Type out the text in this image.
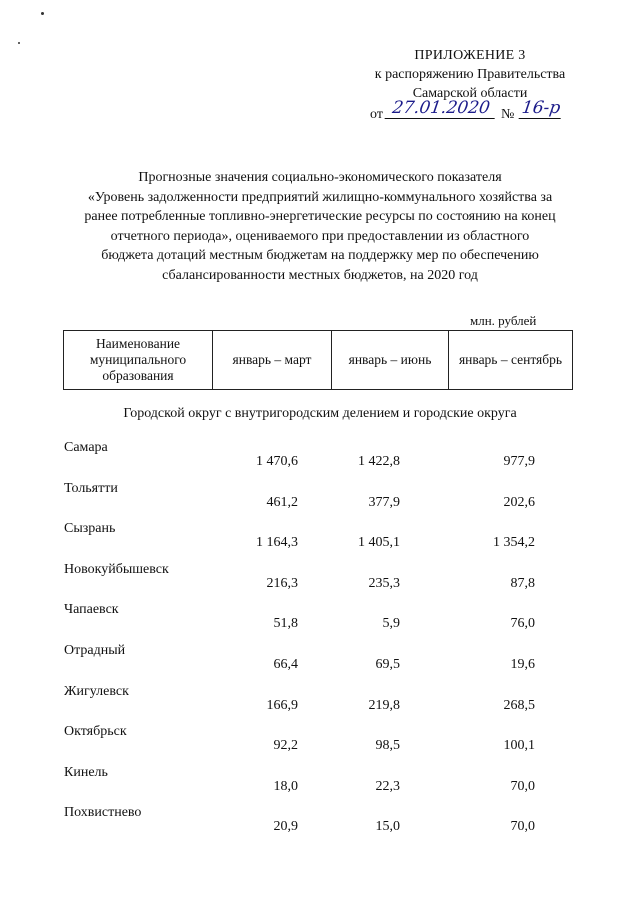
ПРИЛОЖЕНИЕ 3
к распоряжению Правительства
Самарской области
от 27.01.2020 № 16-р
Прогнозные значения социально-экономического показателя
«Уровень задолженности предприятий жилищно-коммунального хозяйства за
ранее потребленные топливно-энергетические ресурсы по состоянию на конец
отчетного периода», оцениваемого при предоставлении из областного
бюджета дотаций местным бюджетам на поддержку мер по обеспечению
сбалансированности местных бюджетов, на 2020 год
млн. рублей
Наименование муниципального образования	январь – март	январь – июнь	январь – сентябрь
Городской округ с внутригородским делением и городские округа
Самара
1 470,6	1 422,8	977,9
Тольятти
461,2	377,9	202,6
Сызрань
1 164,3	1 405,1	1 354,2
Новокуйбышевск
216,3	235,3	87,8
Чапаевск
51,8	5,9	76,0
Отрадный
66,4	69,5	19,6
Жигулевск
166,9	219,8	268,5
Октябрьск
92,2	98,5	100,1
Кинель
18,0	22,3	70,0
Похвистнево
20,9	15,0	70,0
